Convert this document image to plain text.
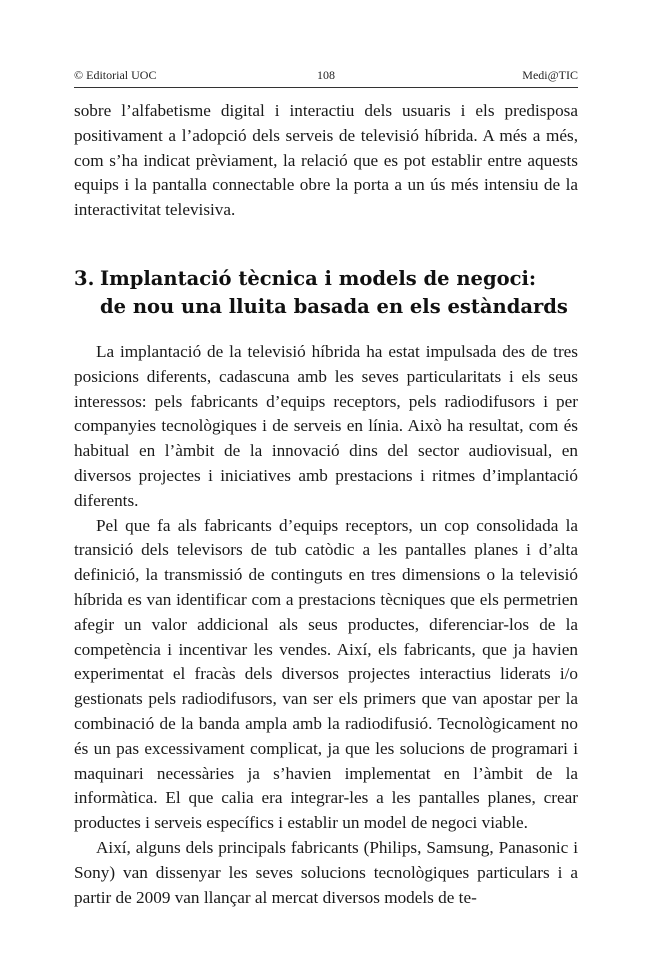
© Editorial UOC	108	Medi@TIC

sobre l’alfabetisme digital i interactiu dels usuaris i els predisposa positivament a l’adopció dels serveis de televisió híbrida. A més a més, com s’ha indicat prèviament, la relació que es pot establir entre aquests equips i la pantalla connectable obre la porta a un ús més intensiu de la interactivitat televisiva.

3. Implantació tècnica i models de negoci:
de nou una lluita basada en els estàndards

La implantació de la televisió híbrida ha estat impulsada des de tres posicions diferents, cadascuna amb les seves particularitats i els seus interessos: pels fabricants d’equips receptors, pels radiodifusors i per companyies tecnològiques i de serveis en línia. Això ha resultat, com és habitual en l’àmbit de la innovació dins del sector audiovisual, en diversos projectes i iniciatives amb prestacions i ritmes d’implantació diferents.

Pel que fa als fabricants d’equips receptors, un cop consolidada la transició dels televisors de tub catòdic a les pantalles planes i d’alta definició, la transmissió de continguts en tres dimensions o la televisió híbrida es van identificar com a prestacions tècniques que els permetrien afegir un valor addicional als seus productes, diferenciar-los de la competència i incentivar les vendes. Així, els fabricants, que ja havien experimentat el fracàs dels diversos projectes interactius liderats i/o gestionats pels radiodifusors, van ser els primers que van apostar per la combinació de la banda ampla amb la radiodifusió. Tecnològicament no és un pas excessivament complicat, ja que les solucions de programari i maquinari necessàries ja s’havien implementat en l’àmbit de la informàtica. El que calia era integrar-les a les pantalles planes, crear productes i serveis específics i establir un model de negoci viable.

Així, alguns dels principals fabricants (Philips, Samsung, Panasonic i Sony) van dissenyar les seves solucions tecnològiques particulars i a partir de 2009 van llançar al mercat diversos models de te-
